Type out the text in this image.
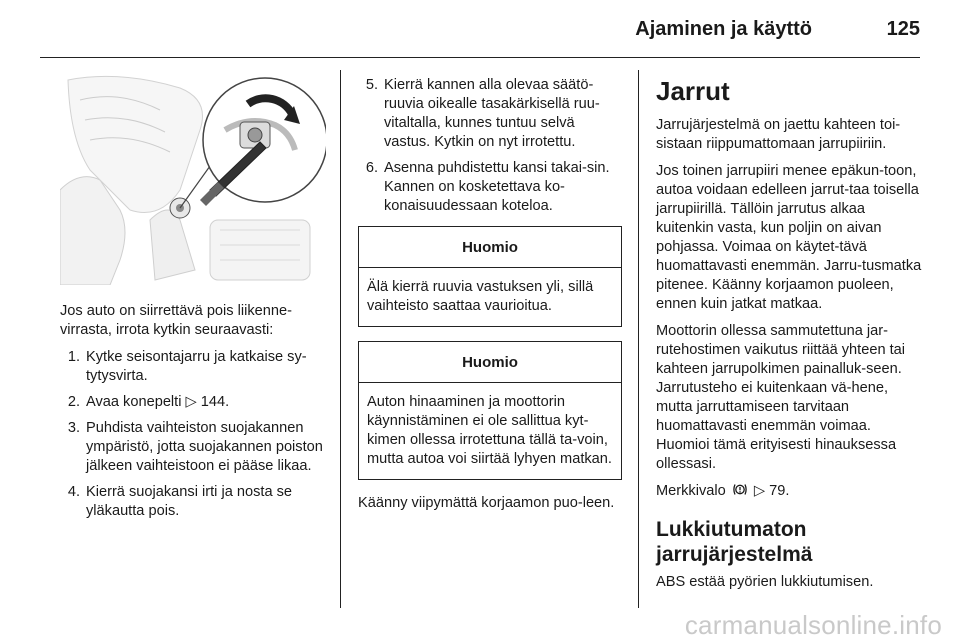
Ajaminen ja käyttö	125

Jos auto on siirrettävä pois liikenne-virrasta, irrota kytkin seuraavasti:

1. Kytke seisontajarru ja katkaise sy-tytysvirta.
2. Avaa konepelti ▷ 144.
3. Puhdista vaihteiston suojakannen ympäristö, jotta suojakannen poiston jälkeen vaihteistoon ei pääse likaa.
4. Kierrä suojakansi irti ja nosta se yläkautta pois.
5. Kierrä kannen alla olevaa säätö-ruuvia oikealle tasakärkisellä ruu-vitaltalla, kunnes tuntuu selvä vastus. Kytkin on nyt irrotettu.
6. Asenna puhdistettu kansi takai-sin. Kannen on kosketettava ko-konaisuudessaan koteloa.
Huomio
Älä kierrä ruuvia vastuksen yli, sillä vaihteisto saattaa vaurioitua.
Huomio
Auton hinaaminen ja moottorin käynnistäminen ei ole sallittua kyt-kimen ollessa irrotettuna tällä ta-voin, mutta autoa voi siirtää lyhyen matkan.

Käänny viipymättä korjaamon puo-leen.

Jarrut

Jarrujärjestelmä on jaettu kahteen toi-sistaan riippumattomaan jarrupiiriin.

Jos toinen jarrupiiri menee epäkun-toon, autoa voidaan edelleen jarrut-taa toisella jarrupiirillä. Tällöin jarrutus alkaa kuitenkin vasta, kun poljin on aivan pohjassa. Voimaa on käytet-tävä huomattavasti enemmän. Jarru-tusmatka pitenee. Käänny korjaamon puoleen, ennen kuin jatkat matkaa.

Moottorin ollessa sammutettuna jar-rutehostimen vaikutus riittää yhteen tai kahteen jarrupolkimen painalluk-seen. Jarrutusteho ei kuitenkaan vä-hene, mutta jarruttamiseen tarvitaan huomattavasti enemmän voimaa. Huomioi tämä erityisesti hinauksessa ollessasi.

Merkkivalo ▷ 79.

Lukkiutumaton
jarrujärjestelmä

ABS estää pyörien lukkiutumisen.

carmanualsonline.info
